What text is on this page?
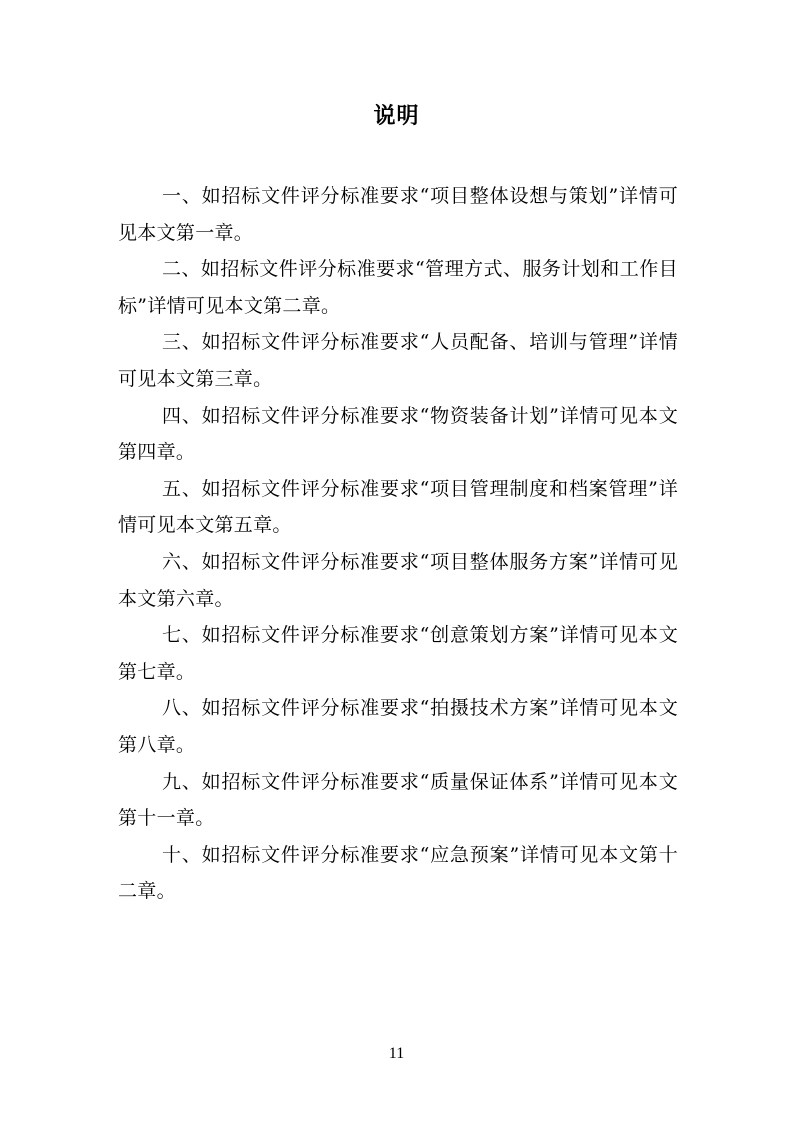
说明

一、如招标文件评分标准要求“项目整体设想与策划”详情可见本文第一章。

二、如招标文件评分标准要求“管理方式、服务计划和工作目标”详情可见本文第二章。

三、如招标文件评分标准要求“人员配备、培训与管理”详情可见本文第三章。

四、如招标文件评分标准要求“物资装备计划”详情可见本文第四章。

五、如招标文件评分标准要求“项目管理制度和档案管理”详情可见本文第五章。

六、如招标文件评分标准要求“项目整体服务方案”详情可见本文第六章。

七、如招标文件评分标准要求“创意策划方案”详情可见本文第七章。

八、如招标文件评分标准要求“拍摄技术方案”详情可见本文第八章。

九、如招标文件评分标准要求“质量保证体系”详情可见本文第十一章。

十、如招标文件评分标准要求“应急预案”详情可见本文第十二章。

11
